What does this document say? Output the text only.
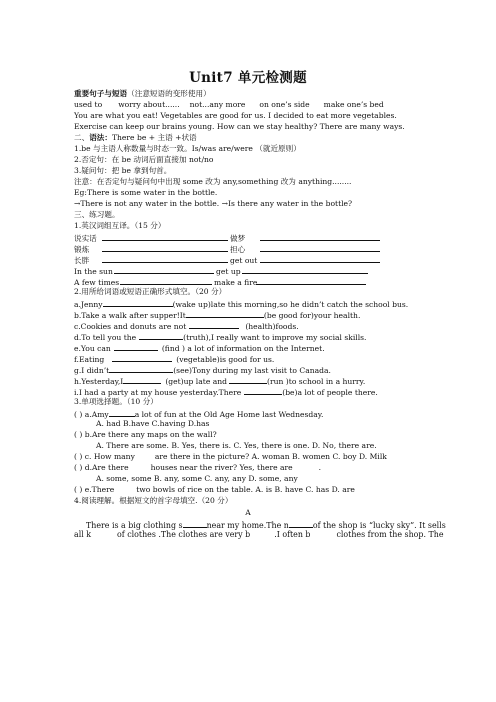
Unit7 单元检测题
重要句子与短语（注意短语的变形使用）
used to worry about...... not...any more on one’s side make one’s bed
You are what you eat! Vegetables are good for us. I decided to eat more vegetables.
Exercise can keep our brains young. How can we stay healthy? There are many ways.
二、语法：There be + 主语 +状语
1.be 与主语人称数量与时态一致。Is/was are/were （就近原则）
2.否定句：在 be 动词后面直接加 not/no
3.疑问句：把 be 拿到句首。
注意：在否定句与疑问句中出现 some 改为 any,something 改为 anything........
Eg:There is some water in the bottle.
→There is not any water in the bottle. →Is there any water in the bottle?
三、练习题。
1.英汉词组互译。（15 分）
说实话	做梦
锻炼	担心
长胖	get out
In the sun	get up
A few times	make a fire
2.用所给词语或短语正确形式填空。（20 分）
a.Jenny	(wake up)late this morning,so he didn’t catch the school bus.
b.Take a walk after supper!It	(be good for)your health.
c.Cookies and donuts are not	(health)foods.
d.To tell you the	(truth),I really want to improve my social skills.
e.You can	(find ) a lot of information on the Internet.
f.Eating	(vegetable)is good for us.
g.I didn’t	(see)Tony during my last visit to Canada.
h.Yesterday,I	(get)up late and	(run )to school in a hurry.
i.I had a party at my house yesterday.There	(be)a lot of people there.
3.单项选择题。（10 分）
( ) a.Amy	a lot of fun at the Old Age Home last Wednesday.
A. had B.have C.having D.has
( ) b.Are there any maps on the wall?
A. There are some. B. Yes, there is. C. Yes, there is one. D. No, there are.
( ) c. How many	are there in the picture? A. woman B. women C. boy D. Milk
( ) d.Are there	houses near the river? Yes, there are	.
A. some, some B. any, some C. any, any D. some, any
( ) e.There	two bowls of rice on the table. A. is B. have C. has D. are
4.阅读理解。根据短文的首字母填空.（20 分）
A
There is a big clothing s	near my home.The n	of the shop is “lucky sky”. It sells
all k	of clothes .The clothes are very b	.I often b	clothes from the shop. The
